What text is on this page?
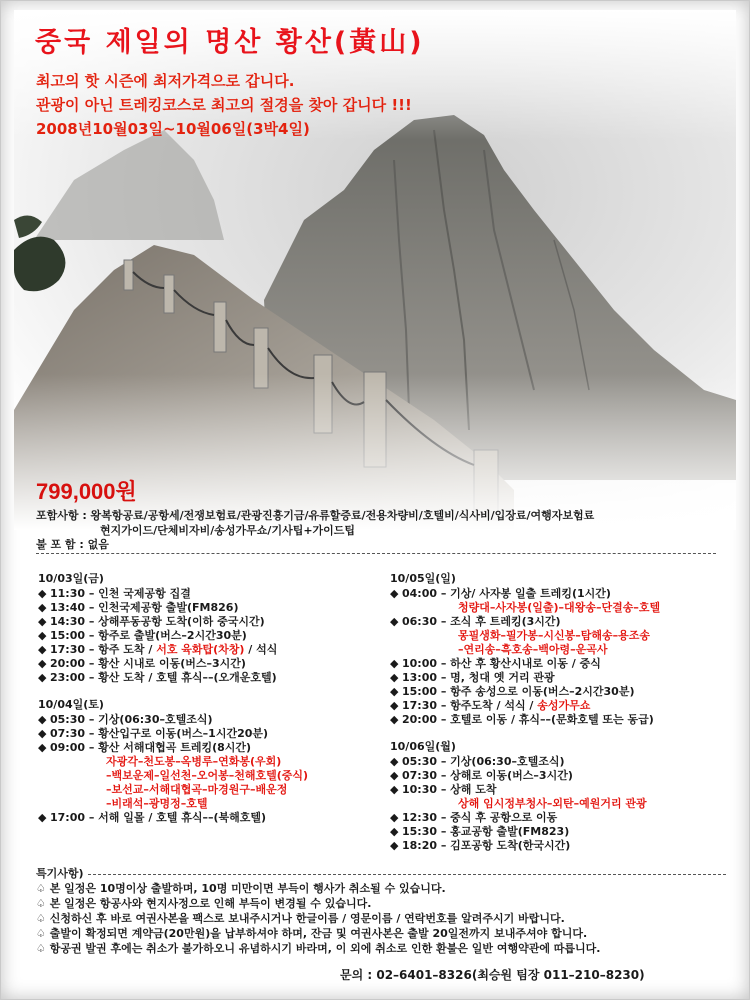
중국 제일의 명산 황산(黃山)
최고의 핫 시즌에 최저가격으로 갑니다.
관광이 아닌 트레킹코스로 최고의 절경을 찾아 갑니다 !!!
2008년10월03일~10월06일(3박4일)
799,000원
포함사항 : 왕복항공료/공항세/전쟁보험료/관광진흥기금/유류할증료/전용차량비/호텔비/식사비/입장료/여행자보험료
현지가이드/단체비자비/송성가무쇼/기사팁+가이드팁
불 포 함 : 없음
10/03일(금)
◆ 11:30 – 인천 국제공항 집결
◆ 13:40 – 인천국제공항 출발(FM826)
◆ 14:30 – 상해푸동공항 도착(이하 중국시간)
◆ 15:00 – 항주로 출발(버스–2시간30분)
◆ 17:30 – 항주 도착 / 서호 육화탑(차창) / 석식
◆ 20:00 – 황산 시내로 이동(버스–3시간)
◆ 23:00 – 황산 도착 / 호텔 휴식––(오개운호텔)
10/04일(토)
◆ 05:30 – 기상(06:30–호텔조식)
◆ 07:30 – 황산입구로 이동(버스–1시간20분)
◆ 09:00 – 황산 서해대협곡 트레킹(8시간)
자광각–천도봉–옥병루–연화봉(우회)
–백보운제–일선천–오어봉–천해호텔(중식)
–보선교–서해대협곡–마경원구–배운정
–비래석–광명정–호텔
◆ 17:00 – 서해 일몰 / 호텔 휴식––(북해호텔)
10/05일(일)
◆ 04:00 – 기상/ 사자봉 일출 트레킹(1시간)
청량대–사자봉(일출)–대왕송–단결송–호텔
◆ 06:30 – 조식 후 트레킹(3시간)
몽필생화–필가봉–시신봉–탐해송–용조송
–연리송–흑호송–백아령–운곡사
◆ 10:00 – 하산 후 황산시내로 이동 / 중식
◆ 13:00 – 명, 청대 옛 거리 관광
◆ 15:00 – 항주 송성으로 이동(버스–2시간30분)
◆ 17:30 – 항주도착 / 석식 / 송성가무쇼
◆ 20:00 – 호텔로 이동 / 휴식––(문화호텔 또는 동급)
10/06일(월)
◆ 05:30 – 기상(06:30–호텔조식)
◆ 07:30 – 상해로 이동(버스–3시간)
◆ 10:30 – 상해 도착
상해 임시정부청사–외탄–예원거리 관광
◆ 12:30 – 중식 후 공항으로 이동
◆ 15:30 – 홍교공항 출발(FM823)
◆ 18:20 – 김포공항 도착(한국시간)
특기사항)
♤ 본 일정은 10명이상 출발하며, 10명 미만이면 부득이 행사가 취소될 수 있습니다.
♤ 본 일정은 항공사와 현지사정으로 인해 부득이 변경될 수 있습니다.
♤ 신청하신 후 바로 여권사본을 팩스로 보내주시거나 한글이름 / 영문이름 / 연락번호를 알려주시기 바랍니다.
♤ 출발이 확정되면 계약금(20만원)을 납부하셔야 하며, 잔금 및 여권사본은 출발 20일전까지 보내주셔야 합니다.
♤ 항공권 발권 후에는 취소가 불가하오니 유념하시기 바라며, 이 외에 취소로 인한 환불은 일반 여행약관에 따릅니다.
문의 : 02–6401–8326(최승원 팀장 011–210–8230)
